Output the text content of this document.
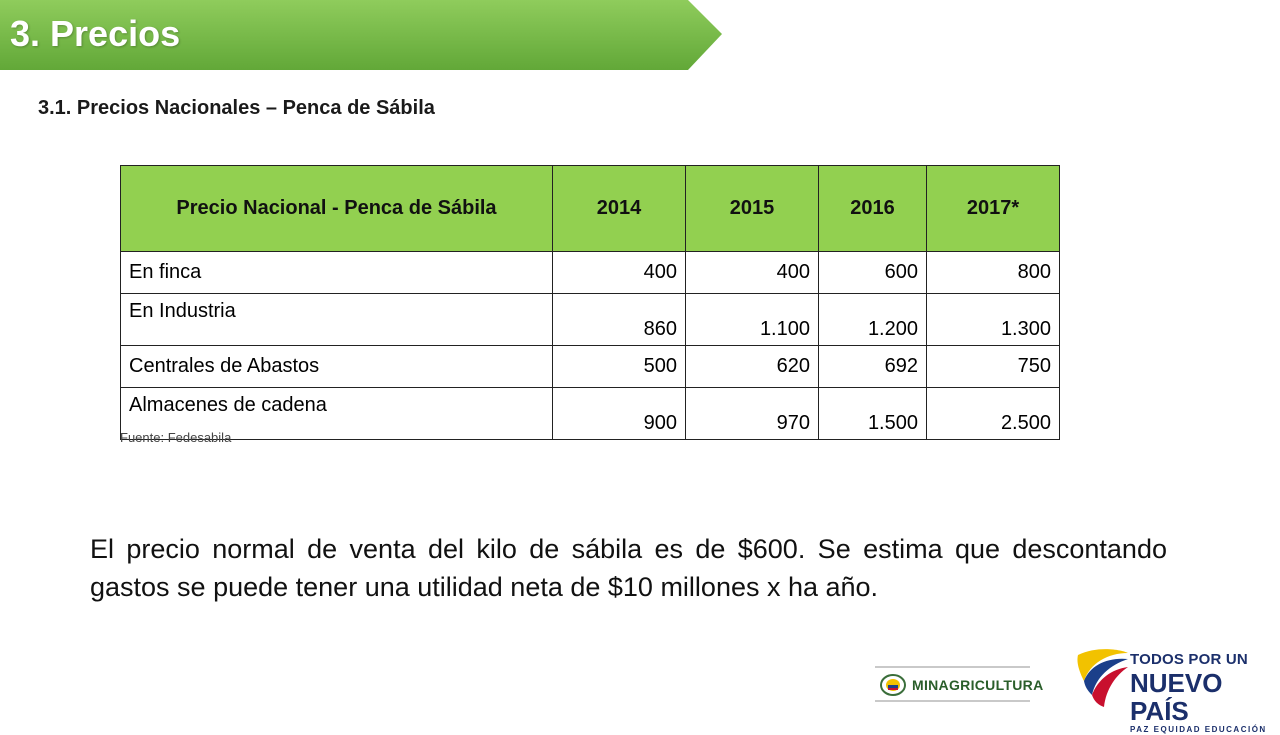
3. Precios
3.1. Precios Nacionales – Penca de Sábila
Precio Nacional - Penca de Sábila	2014	2015	2016	2017*
En finca	400	400	600	800
En Industria	860	1.100	1.200	1.300
Centrales de Abastos	500	620	692	750
Almacenes de cadena	900	970	1.500	2.500
Fuente: Fedesabila
El precio normal de venta del kilo de sábila es de $600. Se estima que descontando gastos se puede tener una utilidad neta de $10 millones x ha año.
MINAGRICULTURA
TODOS POR UN
NUEVO PAÍS
PAZ EQUIDAD EDUCACIÓN
